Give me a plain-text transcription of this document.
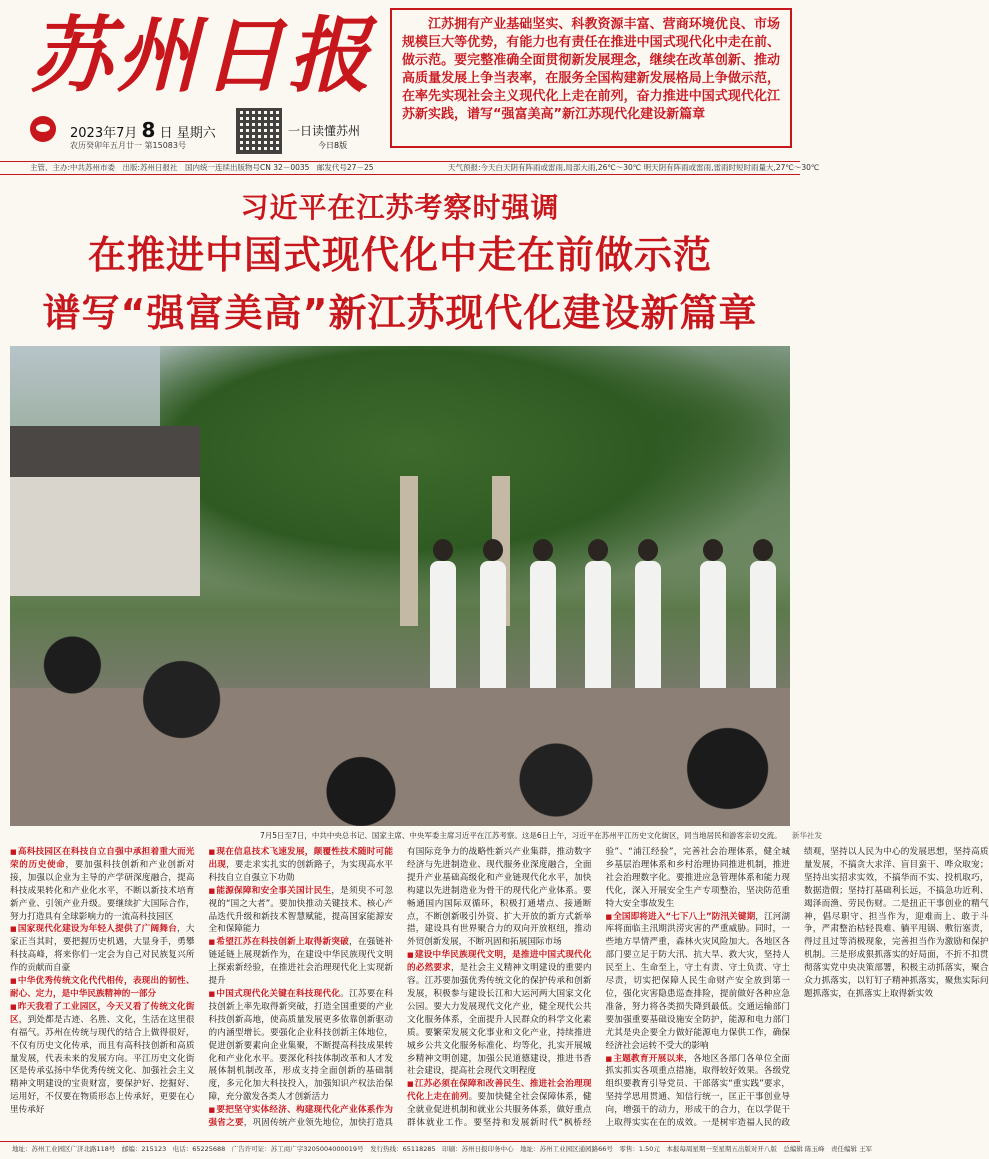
苏州日报
2023年7月 8 日 星期六
农历癸卯年五月廿一 第15083号
一日读懂苏州
今日8版

江苏拥有产业基础坚实、科教资源丰富、营商环境优良、市场规模巨大等优势，有能力也有责任在推进中国式现代化中走在前、做示范。要完整准确全面贯彻新发展理念，继续在改革创新、推动高质量发展上争当表率，在服务全国构建新发展格局上争做示范，在率先实现社会主义现代化上走在前列，奋力推进中国式现代化江苏新实践，谱写“强富美高”新江苏现代化建设新篇章

主管、主办:中共苏州市委　出版:苏州日报社　国内统一连续出版物号CN 32－0035　邮发代号27－25	天气预报:今天白天阴有阵雨或雷雨,局部大雨,26℃～30℃ 明天阴有阵雨或雷雨,雷雨时短时雨量大,27℃～30℃
习近平在江苏考察时强调
在推进中国式现代化中走在前做示范
谱写“强富美高”新江苏现代化建设新篇章
7月5日至7日，中共中央总书记、国家主席、中央军委主席习近平在江苏考察。这是6日上午，习近平在苏州平江历史文化街区，同当地居民和游客亲切交流。 新华社发

■ 高科技园区在科技自立自强中承担着重大而光荣的历史使命，要加强科技创新和产业创新对接，加强以企业为主导的产学研深度融合，提高科技成果转化和产业化水平，不断以新技术培育新产业、引领产业升级。要继续扩大国际合作，努力打造具有全球影响力的一流高科技园区

■ 国家现代化建设为年轻人提供了广阔舞台，大家正当其时，要把握历史机遇，大显身手，勇攀科技高峰，将来你们一定会为自己对民族复兴所作的贡献而自豪

■ 中华优秀传统文化代代相传，表现出的韧性、耐心、定力，是中华民族精神的一部分

■ 昨天我看了工业园区，今天又看了传统文化街区，到处都是古迹、名胜、文化，生活在这里很有福气。苏州在传统与现代的结合上做得很好，不仅有历史文化传承，而且有高科技创新和高质量发展，代表未来的发展方向。平江历史文化街区是传承弘扬中华优秀传统文化、加强社会主义精神文明建设的宝贵财富，要保护好、挖掘好、运用好，不仅要在物质形态上传承好，更要在心里传承好

■ 现在信息技术飞速发展，颠覆性技术随时可能出现，要走求实扎实的创新路子，为实现高水平科技自立自强立下功勋

■ 能源保障和安全事关国计民生，是须臾不可忽视的“国之大者”。要加快推动关键技术、核心产品迭代升级和新技术智慧赋能，提高国家能源安全和保障能力

■ 希望江苏在科技创新上取得新突破，在强链补链延链上展现新作为，在建设中华民族现代文明上探索新经验，在推进社会治理现代化上实现新提升

■ 中国式现代化关键在科技现代化。江苏要在科技创新上率先取得新突破，打造全国重要的产业科技创新高地，使高质量发展更多依靠创新驱动的内涵型增长。要强化企业科技创新主体地位，促进创新要素向企业集聚，不断提高科技成果转化和产业化水平。要深化科技体制改革和人才发展体制机制改革，形成支持全面创新的基础制度，多元化加大科技投入，加强知识产权法治保障，充分激发各类人才创新活力

■ 要把坚守实体经济、构建现代化产业体系作为强省之要，巩固传统产业领先地位，加快打造具有国际竞争力的战略性新兴产业集群，推动数字经济与先进制造业、现代服务业深度融合，全面提升产业基础高级化和产业链现代化水平，加快构建以先进制造业为骨干的现代化产业体系。要畅通国内国际双循环，积极打通堵点、接通断点，不断创新吸引外资、扩大开放的新方式新举措，建设具有世界聚合力的双向开放枢纽，推动外贸创新发展，不断巩固和拓展国际市场

■ 建设中华民族现代文明，是推进中国式现代化的必然要求，是社会主义精神文明建设的重要内容。江苏要加强优秀传统文化的保护传承和创新发展，积极参与建设长江和大运河两大国家文化公园。要大力发展现代文化产业，健全现代公共文化服务体系，全面提升人民群众的科学文化素质。要繁荣发展文化事业和文化产业，持续推进城乡公共文化服务标准化、均等化，扎实开展城乡精神文明创建，加强公民道德建设，推进书香社会建设，提高社会现代文明程度

■ 江苏必须在保障和改善民生、推进社会治理现代化上走在前列。要加快健全社会保障体系，健全就业促进机制和就业公共服务体系，做好重点群体就业工作。要坚持和发展新时代“枫桥经验”、“浦江经验”，完善社会治理体系，健全城乡基层治理体系和乡村治理协同推进机制，推进社会治理数字化。要推进应急管理体系和能力现代化，深入开展安全生产专项整治，坚决防范重特大安全事故发生

■ 全国即将进入“七下八上”防汛关键期，江河湖库将面临主汛期洪涝灾害的严重威胁。同时，一些地方旱情严重，森林火灾风险加大。各地区各部门要立足于防大汛、抗大旱、救大灾，坚持人民至上、生命至上，守土有责、守土负责、守土尽责，切实把保障人民生命财产安全放到第一位，强化灾害隐患巡查排险，提前做好各种应急准备，努力将各类损失降到最低。交通运输部门要加强重要基础设施安全防护，能源和电力部门尤其是央企要全力做好能源电力保供工作，确保经济社会运转不受大的影响

■ 主题教育开展以来，各地区各部门各单位全面抓实抓实各项重点措施，取得较好效果。各级党组织要教育引导党员、干部落实“重实践”要求，坚持学思用贯通、知信行统一，匡正干事创业导向，增强干的动力，形成干的合力，在以学促干上取得实实在在的成效。一是树牢造福人民的政绩观，坚持以人民为中心的发展思想，坚持高质量发展，不搞贪大求洋、盲目蛮干、哗众取宠；坚持出实招求实效，不搞华而不实、投机取巧，数据造假；坚持打基础利长远，不搞急功近利、竭泽而渔、劳民伤财。二是扭正干事创业的精气神，倡尽职守、担当作为，迎难而上、敢于斗争，严肃整治枯轻畏难、躺平甩锅、敷衍塞责，得过且过等消极现象，完善担当作为激励和保护机制。三是形成狠抓落实的好局面，不折不扣贯彻落实党中央决策部署，积极主动抓落实，聚合众力抓落实，以钉钉子精神抓落实，聚焦实际问题抓落实，在抓落实上取得新实效

地址：苏州工业园区广济北路118号　邮编：215123　电话：65225688　广告许可证：苏工商广字3205004000019号　发行热线：65118285　印刷：苏州日报印务中心　地址：苏州工业园区通园路66号　零售：1.50元　本报每周星期一至星期五出版对开八版　总编辑 陈玉峰　责任编辑 王军
